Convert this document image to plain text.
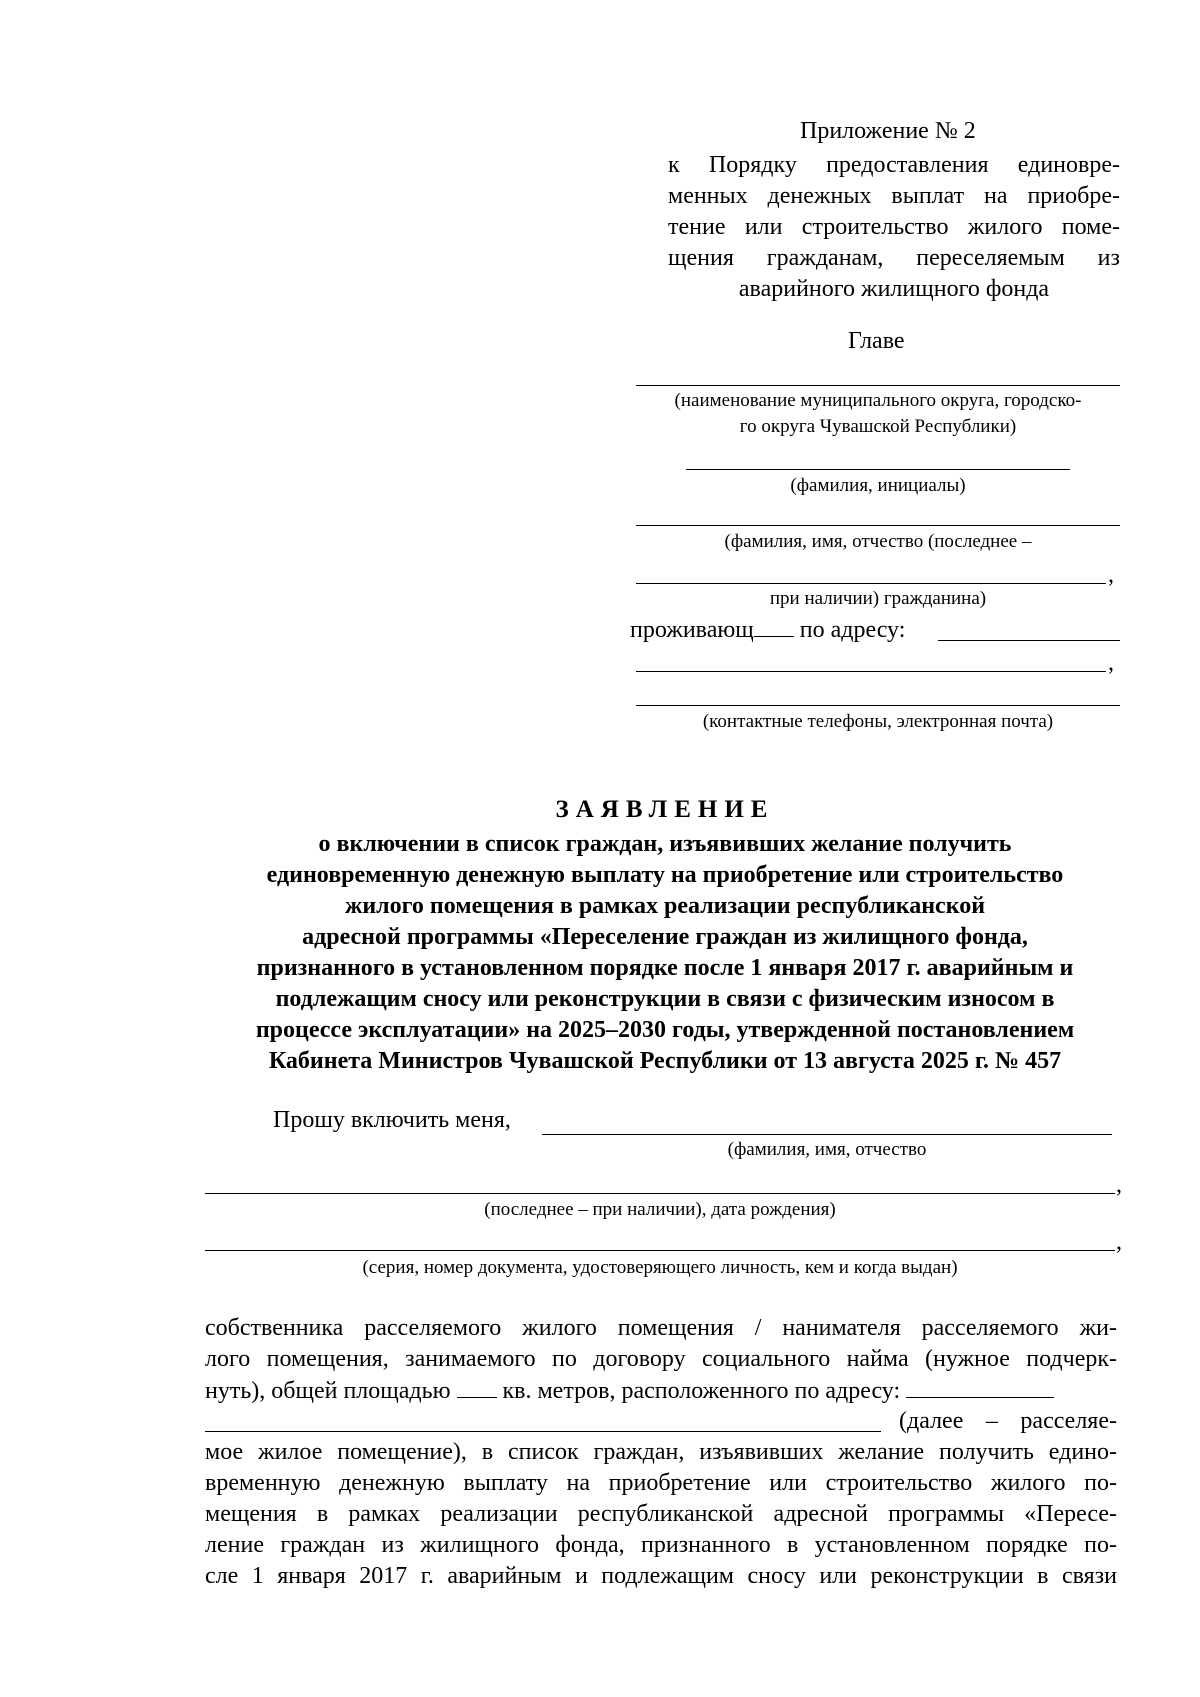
Приложение № 2
к Порядку предоставления единовре-
менных денежных выплат на приобре-
тение или строительство жилого поме-
щения гражданам, переселяемым из
аварийного жилищного фонда
Главе
(наименование муниципального округа, городско-
го округа Чувашской Республики)
(фамилия, инициалы)
(фамилия, имя, отчество (последнее –
,
при наличии) гражданина)
проживающ по адресу:
,
(контактные телефоны, электронная почта)
ЗАЯВЛЕНИЕ
о включении в список граждан, изъявивших желание получить
единовременную денежную выплату на приобретение или строительство
жилого помещения в рамках реализации республиканской
адресной программы «Переселение граждан из жилищного фонда,
признанного в установленном порядке после 1 января 2017 г. аварийным и
подлежащим сносу или реконструкции в связи с физическим износом в
процессе эксплуатации» на 2025–2030 годы, утвержденной постановлением
Кабинета Министров Чувашской Республики от 13 августа 2025 г. № 457
Прошу включить меня,
(фамилия, имя, отчество
,
(последнее – при наличии), дата рождения)
,
(серия, номер документа, удостоверяющего личность, кем и когда выдан)
собственника расселяемого жилого помещения / нанимателя расселяемого жи-
лого помещения, занимаемого по договору социального найма (нужное подчерк-
нуть), общей площадью кв. метров, расположенного по адресу:
(далее – расселяе-
мое жилое помещение), в список граждан, изъявивших желание получить едино-
временную денежную выплату на приобретение или строительство жилого по-
мещения в рамках реализации республиканской адресной программы «Пересе-
ление граждан из жилищного фонда, признанного в установленном порядке по-
сле 1 января 2017 г. аварийным и подлежащим сносу или реконструкции в связи
